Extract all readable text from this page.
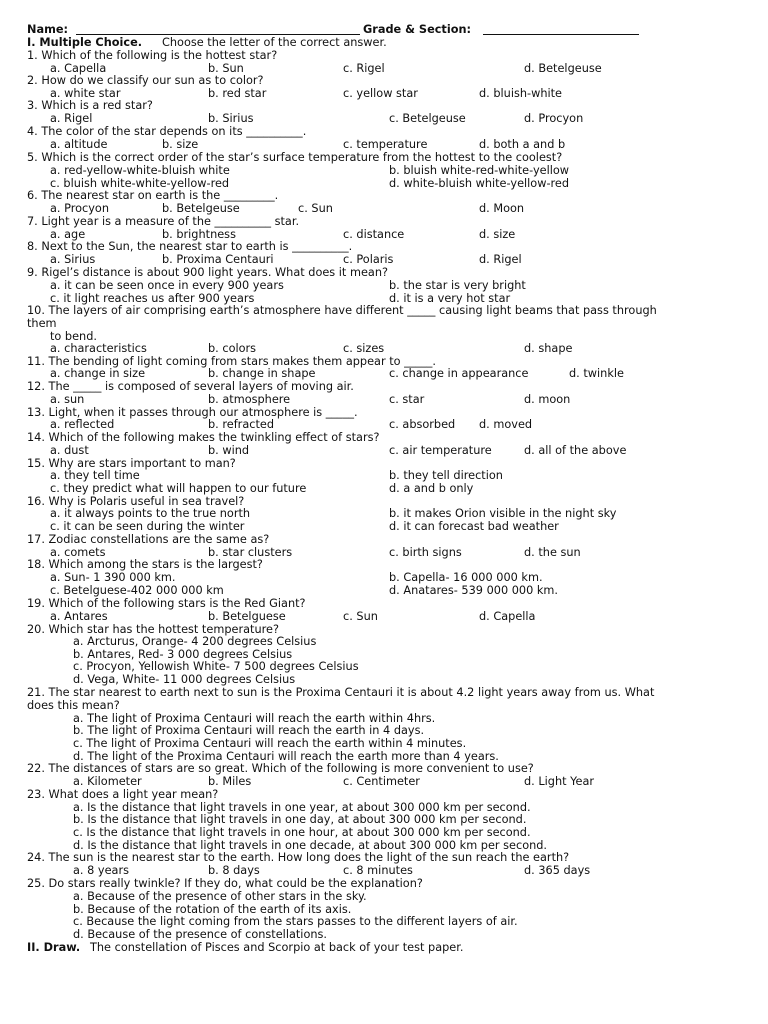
Name:	Grade & Section:
I. Multiple Choice. Choose the letter of the correct answer.
1. Which of the following is the hottest star?
a. Capella	b. Sun	c. Rigel	d. Betelgeuse
2. How do we classify our sun as to color?
a. white star	b. red star	c. yellow star	d. bluish-white
3. Which is a red star?
a. Rigel	b. Sirius	c. Betelgeuse	d. Procyon
4. The color of the star depends on its __________.
a. altitude	b. size	c. temperature	d. both a and b
5. Which is the correct order of the star’s surface temperature from the hottest to the coolest?
a. red-yellow-white-bluish white	b. bluish white-red-white-yellow
c. bluish white-white-yellow-red	d. white-bluish white-yellow-red
6. The nearest star on earth is the _________.
a. Procyon	b. Betelgeuse	c. Sun	d. Moon
7. Light year is a measure of the __________ star.
a. age	b. brightness	c. distance	d. size
8. Next to the Sun, the nearest star to earth is __________.
a. Sirius	b. Proxima Centauri	c. Polaris	d. Rigel
9. Rigel’s distance is about 900 light years. What does it mean?
a. it can be seen once in every 900 years	b. the star is very bright
c. it light reaches us after 900 years	d. it is a very hot star
10. The layers of air comprising earth’s atmosphere have different _____ causing light beams that pass through
them
to bend.
a. characteristics	b. colors	c. sizes	d. shape
11. The bending of light coming from stars makes them appear to _____.
a. change in size	b. change in shape	c. change in appearance	d. twinkle
12. The _____ is composed of several layers of moving air.
a. sun	b. atmosphere	c. star	d. moon
13. Light, when it passes through our atmosphere is _____.
a. reflected	b. refracted	c. absorbed d. moved
14. Which of the following makes the twinkling effect of stars?
a. dust	b. wind	c. air temperature	d. all of the above
15. Why are stars important to man?
a. they tell time	b. they tell direction
c. they predict what will happen to our future	d. a and b only
16. Why is Polaris useful in sea travel?
a. it always points to the true north	b. it makes Orion visible in the night sky
c. it can be seen during the winter	d. it can forecast bad weather
17. Zodiac constellations are the same as?
a. comets	b. star clusters	c. birth signs	d. the sun
18. Which among the stars is the largest?
a. Sun- 1 390 000 km.	b. Capella- 16 000 000 km.
c. Betelguese-402 000 000 km	d. Anatares- 539 000 000 km.
19. Which of the following stars is the Red Giant?
a. Antares	b. Betelguese	c. Sun	d. Capella
20. Which star has the hottest temperature?
a. Arcturus, Orange- 4 200 degrees Celsius
b. Antares, Red- 3 000 degrees Celsius
c. Procyon, Yellowish White- 7 500 degrees Celsius
d. Vega, White- 11 000 degrees Celsius
21. The star nearest to earth next to sun is the Proxima Centauri it is about 4.2 light years away from us. What
does this mean?
a. The light of Proxima Centauri will reach the earth within 4hrs.
b. The light of Proxima Centauri will reach the earth in 4 days.
c. The light of Proxima Centauri will reach the earth within 4 minutes.
d. The light of the Proxima Centauri will reach the earth more than 4 years.
22. The distances of stars are so great. Which of the following is more convenient to use?
a. Kilometer	b. Miles	c. Centimeter	d. Light Year
23. What does a light year mean?
a. Is the distance that light travels in one year, at about 300 000 km per second.
b. Is the distance that light travels in one day, at about 300 000 km per second.
c. Is the distance that light travels in one hour, at about 300 000 km per second.
d. Is the distance that light travels in one decade, at about 300 000 km per second.
24. The sun is the nearest star to the earth. How long does the light of the sun reach the earth?
a. 8 years	b. 8 days	c. 8 minutes	d. 365 days
25. Do stars really twinkle? If they do, what could be the explanation?
a. Because of the presence of other stars in the sky.
b. Because of the rotation of the earth of its axis.
c. Because the light coming from the stars passes to the different layers of air.
d. Because of the presence of constellations.
II. Draw. The constellation of Pisces and Scorpio at back of your test paper.
